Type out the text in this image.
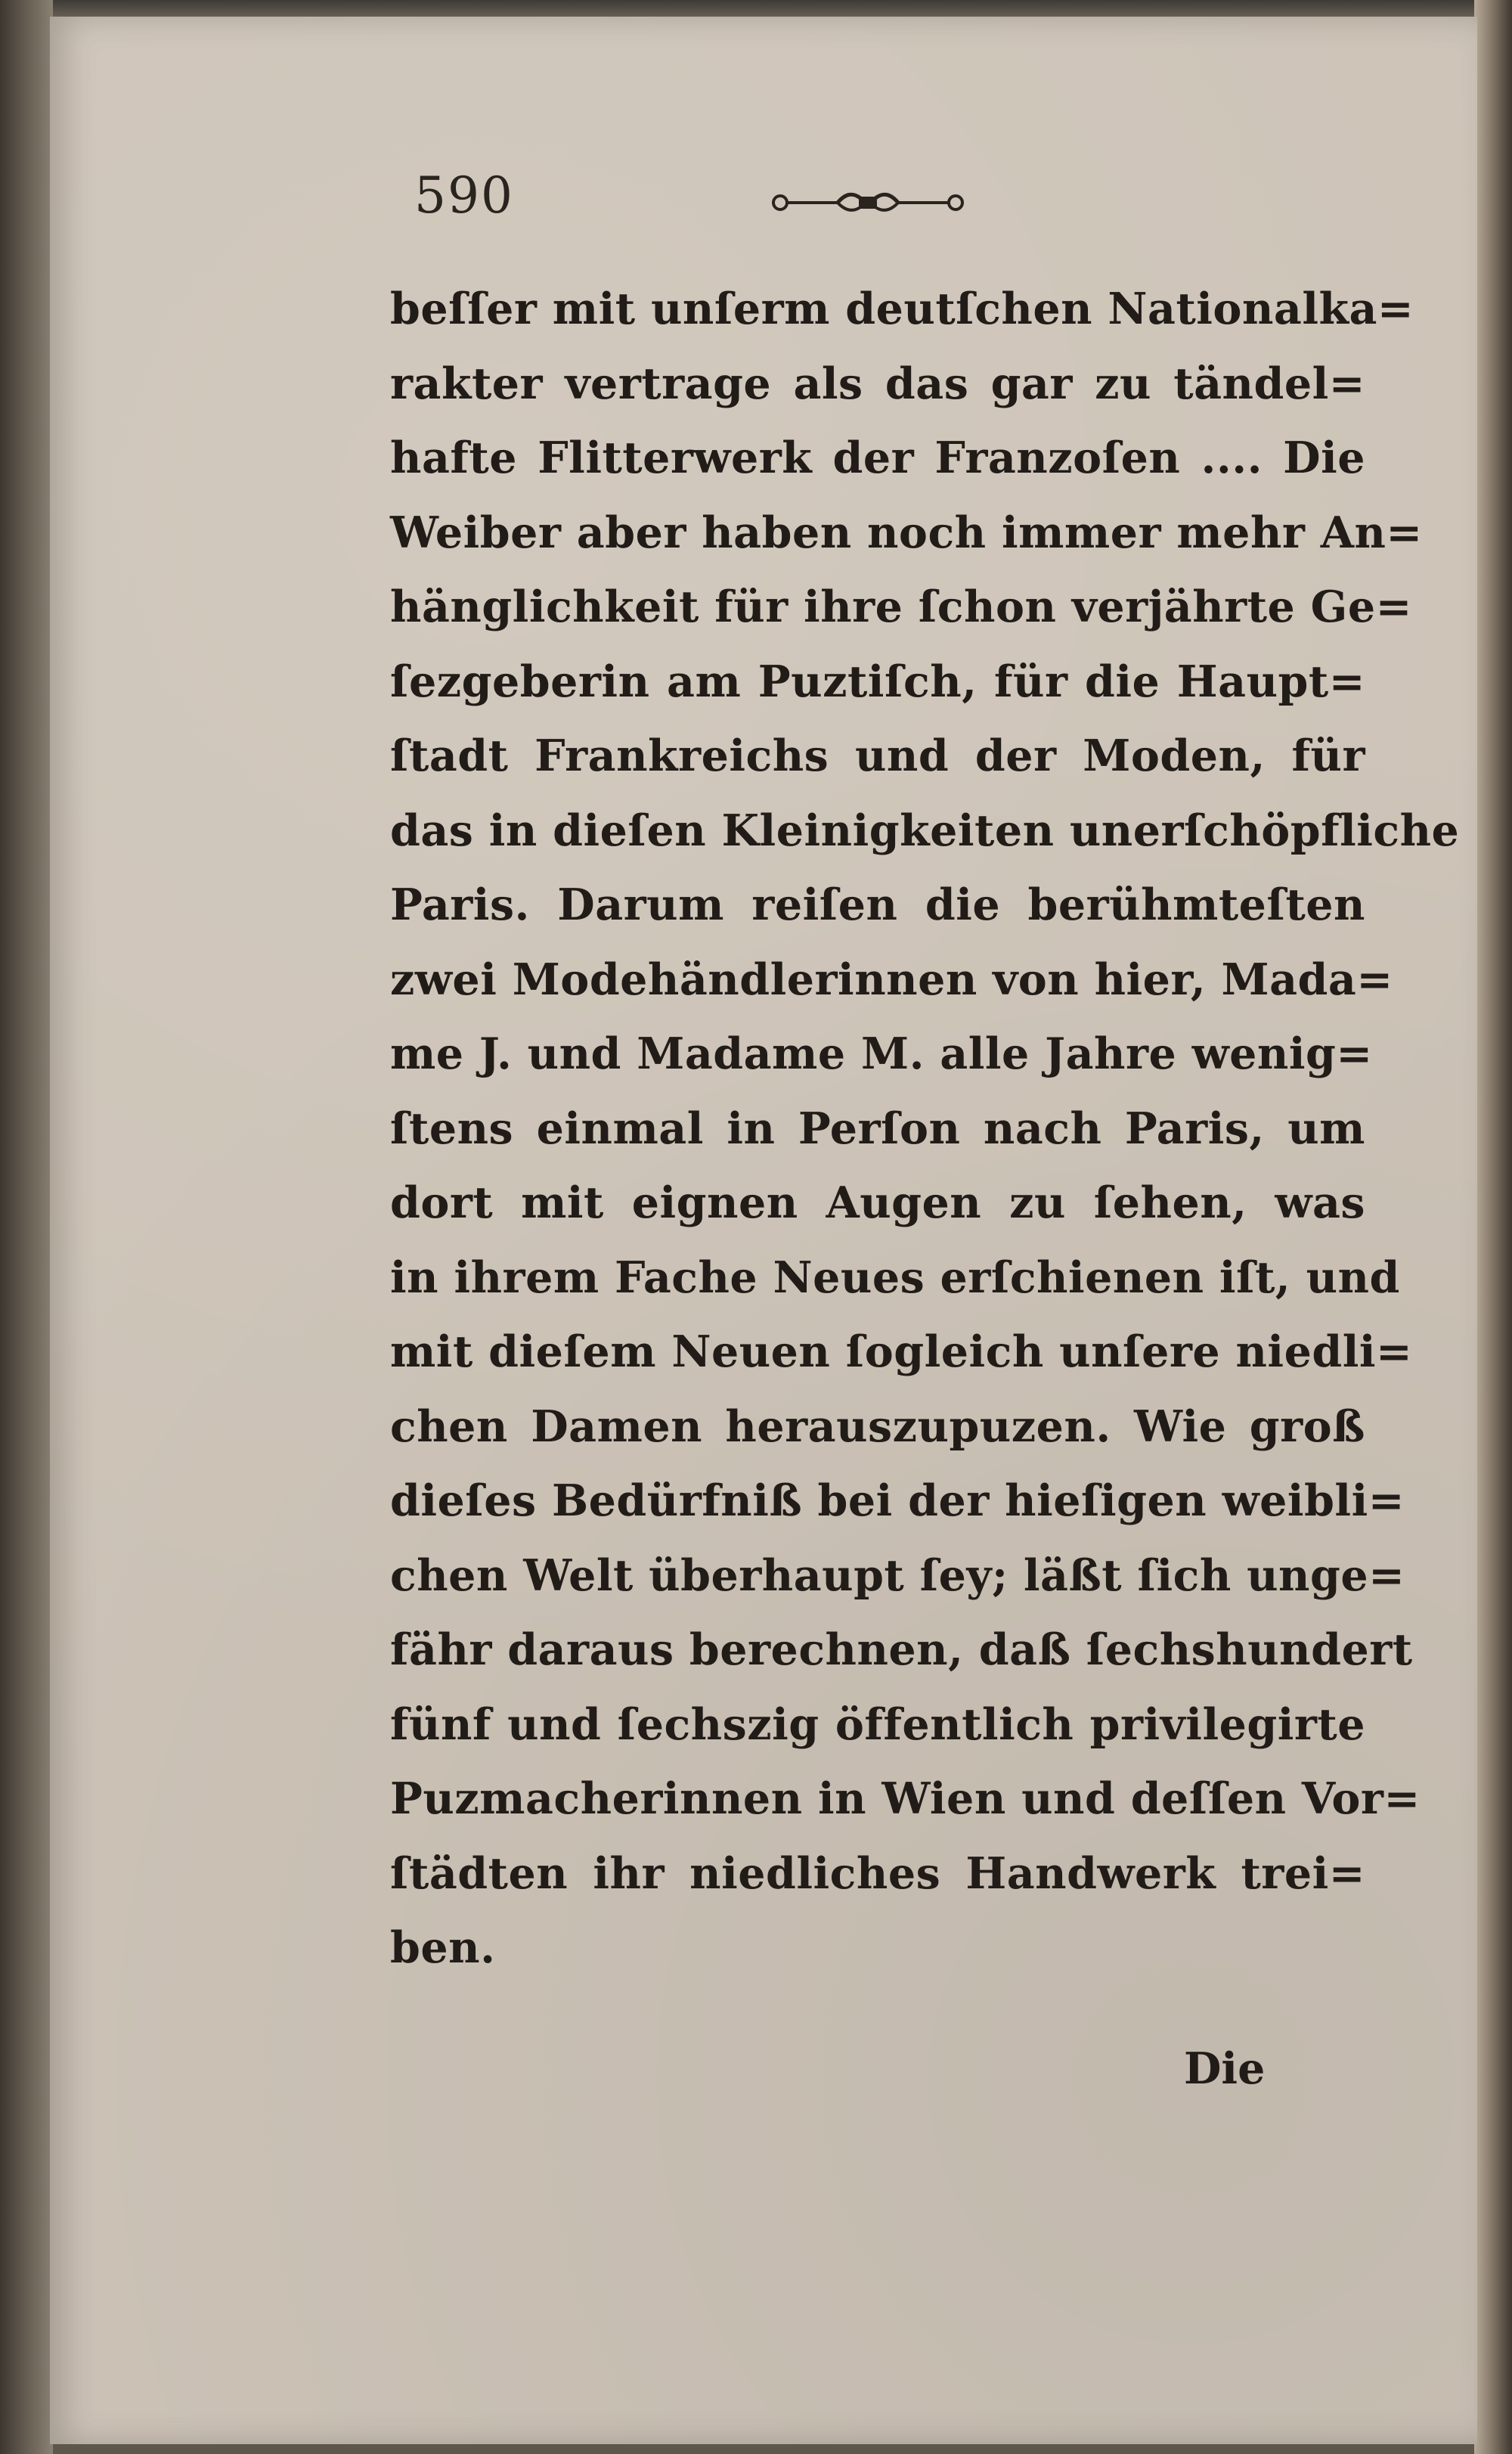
590
beſſer mit unſerm deutſchen Nationalka=
rakter vertrage als das gar zu tändel=
hafte Flitterwerk der Franzoſen .... Die
Weiber aber haben noch immer mehr An=
hänglichkeit für ihre ſchon verjährte Ge=
ſezgeberin am Puztiſch, für die Haupt=
ſtadt Frankreichs und der Moden, für
das in dieſen Kleinigkeiten unerſchöpfliche
Paris. Darum reiſen die berühmteſten
zwei Modehändlerinnen von hier, Mada=
me J. und Madame M. alle Jahre wenig=
ſtens einmal in Perſon nach Paris, um
dort mit eignen Augen zu ſehen, was
in ihrem Fache Neues erſchienen iſt, und
mit dieſem Neuen ſogleich unſere niedli=
chen Damen herauszupuzen. Wie groß
dieſes Bedürfniß bei der hieſigen weibli=
chen Welt überhaupt ſey; läßt ſich unge=
fähr daraus berechnen, daß ſechshundert
fünf und ſechszig öffentlich privilegirte
Puzmacherinnen in Wien und deſſen Vor=
ſtädten ihr niedliches Handwerk trei=
ben.
Die
